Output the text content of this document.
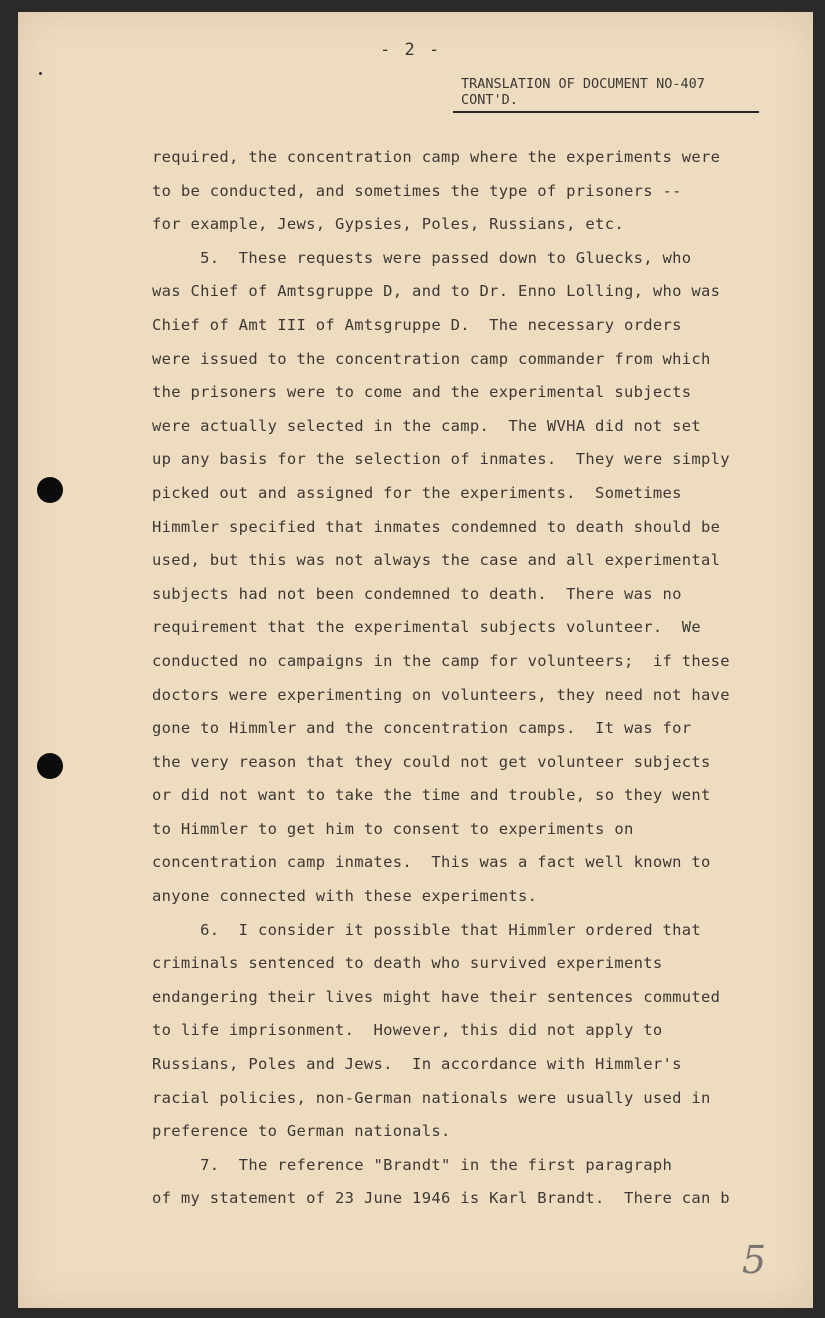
- 2 -
TRANSLATION OF DOCUMENT NO-407
CONT'D.
required, the concentration camp where the experiments were
to be conducted, and sometimes the type of prisoners --
for example, Jews, Gypsies, Poles, Russians, etc.
5.  These requests were passed down to Gluecks, who
was Chief of Amtsgruppe D, and to Dr. Enno Lolling, who was
Chief of Amt III of Amtsgruppe D.  The necessary orders
were issued to the concentration camp commander from which
the prisoners were to come and the experimental subjects
were actually selected in the camp.  The WVHA did not set
up any basis for the selection of inmates.  They were simply
picked out and assigned for the experiments.  Sometimes
Himmler specified that inmates condemned to death should be
used, but this was not always the case and all experimental
subjects had not been condemned to death.  There was no
requirement that the experimental subjects volunteer.  We
conducted no campaigns in the camp for volunteers;  if these
doctors were experimenting on volunteers, they need not have
gone to Himmler and the concentration camps.  It was for
the very reason that they could not get volunteer subjects
or did not want to take the time and trouble, so they went
to Himmler to get him to consent to experiments on
concentration camp inmates.  This was a fact well known to
anyone connected with these experiments.
6.  I consider it possible that Himmler ordered that
criminals sentenced to death who survived experiments
endangering their lives might have their sentences commuted
to life imprisonment.  However, this did not apply to
Russians, Poles and Jews.  In accordance with Himmler's
racial policies, non-German nationals were usually used in
preference to German nationals.
7.  The reference "Brandt" in the first paragraph
of my statement of 23 June 1946 is Karl Brandt.  There can b
5
